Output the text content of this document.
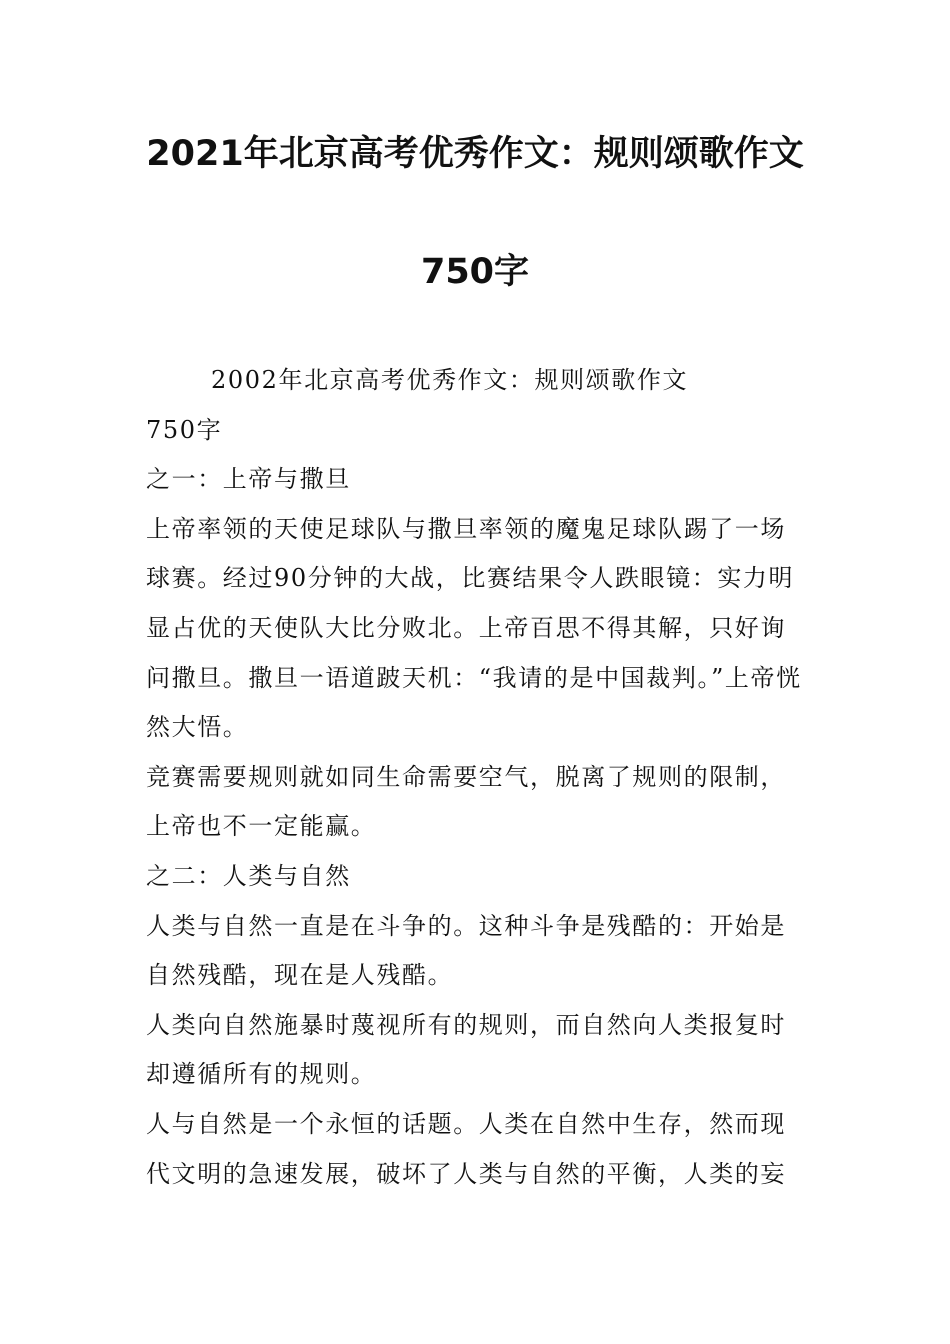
2021年北京高考优秀作文：规则颂歌作文
750字

2002年北京高考优秀作文：规则颂歌作文

750字

之一：上帝与撒旦

上帝率领的天使足球队与撒旦率领的魔鬼足球队踢了一场球赛。经过90分钟的大战，比赛结果令人跌眼镜：实力明显占优的天使队大比分败北。上帝百思不得其解，只好询问撒旦。撒旦一语道跛天机：“我请的是中国裁判。”上帝恍然大悟。

竞赛需要规则就如同生命需要空气，脱离了规则的限制，上帝也不一定能赢。

之二：人类与自然

人类与自然一直是在斗争的。这种斗争是残酷的：开始是自然残酷，现在是人残酷。

人类向自然施暴时蔑视所有的规则，而自然向人类报复时却遵循所有的规则。

人与自然是一个永恒的话题。人类在自然中生存，然而现代文明的急速发展，破坏了人类与自然的平衡，人类的妄
